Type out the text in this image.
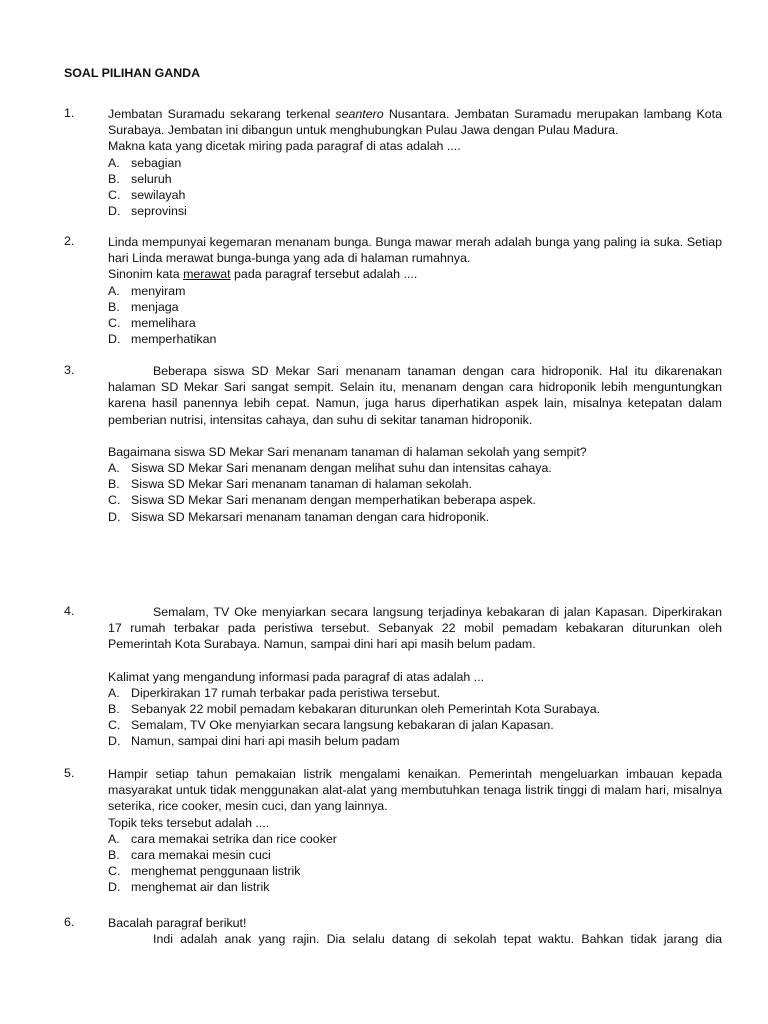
SOAL PILIHAN GANDA
1.	Jembatan Suramadu sekarang terkenal seantero Nusantara. Jembatan Suramadu merupakan lambang Kota Surabaya. Jembatan ini dibangun untuk menghubungkan Pulau Jawa dengan Pulau Madura.
Makna kata yang dicetak miring pada paragraf di atas adalah ....
A. sebagian
B. seluruh
C. sewilayah
D. seprovinsi
2.	Linda mempunyai kegemaran menanam bunga. Bunga mawar merah adalah bunga yang paling ia suka. Setiap hari Linda merawat bunga-bunga yang ada di halaman rumahnya.
Sinonim kata merawat pada paragraf tersebut adalah ....
A. menyiram
B. menjaga
C. memelihara
D. memperhatikan
3.	Beberapa siswa SD Mekar Sari menanam tanaman dengan cara hidroponik. Hal itu dikarenakan halaman SD Mekar Sari sangat sempit. Selain itu, menanam dengan cara hidroponik lebih menguntungkan karena hasil panennya lebih cepat. Namun, juga harus diperhatikan aspek lain, misalnya ketepatan dalam pemberian nutrisi, intensitas cahaya, dan suhu di sekitar tanaman hidroponik.
Bagaimana siswa SD Mekar Sari menanam tanaman di halaman sekolah yang sempit?
A. Siswa SD Mekar Sari menanam dengan melihat suhu dan intensitas cahaya.
B. Siswa SD Mekar Sari menanam tanaman di halaman sekolah.
C. Siswa SD Mekar Sari menanam dengan memperhatikan beberapa aspek.
D. Siswa SD Mekarsari menanam tanaman dengan cara hidroponik.
4.	Semalam, TV Oke menyiarkan secara langsung terjadinya kebakaran di jalan Kapasan. Diperkirakan 17 rumah terbakar pada peristiwa tersebut. Sebanyak 22 mobil pemadam kebakaran diturunkan oleh Pemerintah Kota Surabaya. Namun, sampai dini hari api masih belum padam.
Kalimat yang mengandung informasi pada paragraf di atas adalah ...
A. Diperkirakan 17 rumah terbakar pada peristiwa tersebut.
B. Sebanyak 22 mobil pemadam kebakaran diturunkan oleh Pemerintah Kota Surabaya.
C. Semalam, TV Oke menyiarkan secara langsung kebakaran di jalan Kapasan.
D. Namun, sampai dini hari api masih belum padam
5.	Hampir setiap tahun pemakaian listrik mengalami kenaikan. Pemerintah mengeluarkan imbauan kepada masyarakat untuk tidak menggunakan alat-alat yang membutuhkan tenaga listrik tinggi di malam hari, misalnya seterika, rice cooker, mesin cuci, dan yang lainnya.
Topik teks tersebut adalah ....
A. cara memakai setrika dan rice cooker
B. cara memakai mesin cuci
C. menghemat penggunaan listrik
D. menghemat air dan listrik
6.	Bacalah paragraf berikut!
Indi adalah anak yang rajin. Dia selalu datang di sekolah tepat waktu. Bahkan tidak jarang dia
